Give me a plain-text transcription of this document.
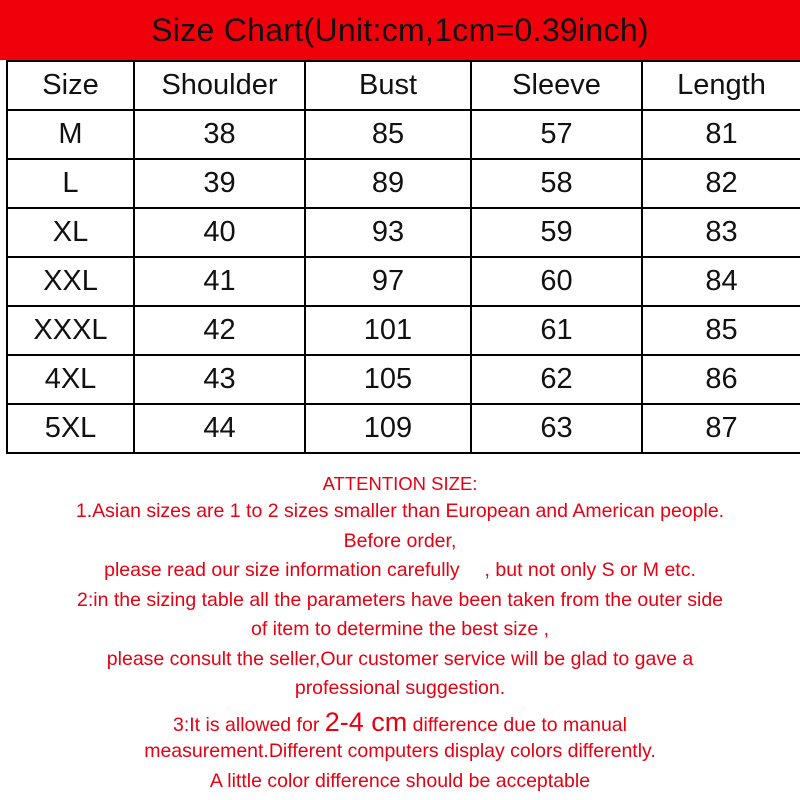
Size Chart(Unit:cm,1cm=0.39inch)
Size	Shoulder	Bust	Sleeve	Length
M	38	85	57	81
L	39	89	58	82
XL	40	93	59	83
XXL	41	97	60	84
XXXL	42	101	61	85
4XL	43	105	62	86
5XL	44	109	63	87
ATTENTION SIZE:
1.Asian sizes are 1 to 2 sizes smaller than European and American people.
Before order,
please read our size information carefully 　, but not only S or M etc.
2:in the sizing table all the parameters have been taken from the outer side
of item to determine the best size ,
please consult the seller,Our customer service will be glad to gave a
professional suggestion.
3:It is allowed for 2-4 cm difference due to manual
measurement.Different computers display colors differently.
A little color difference should be acceptable
